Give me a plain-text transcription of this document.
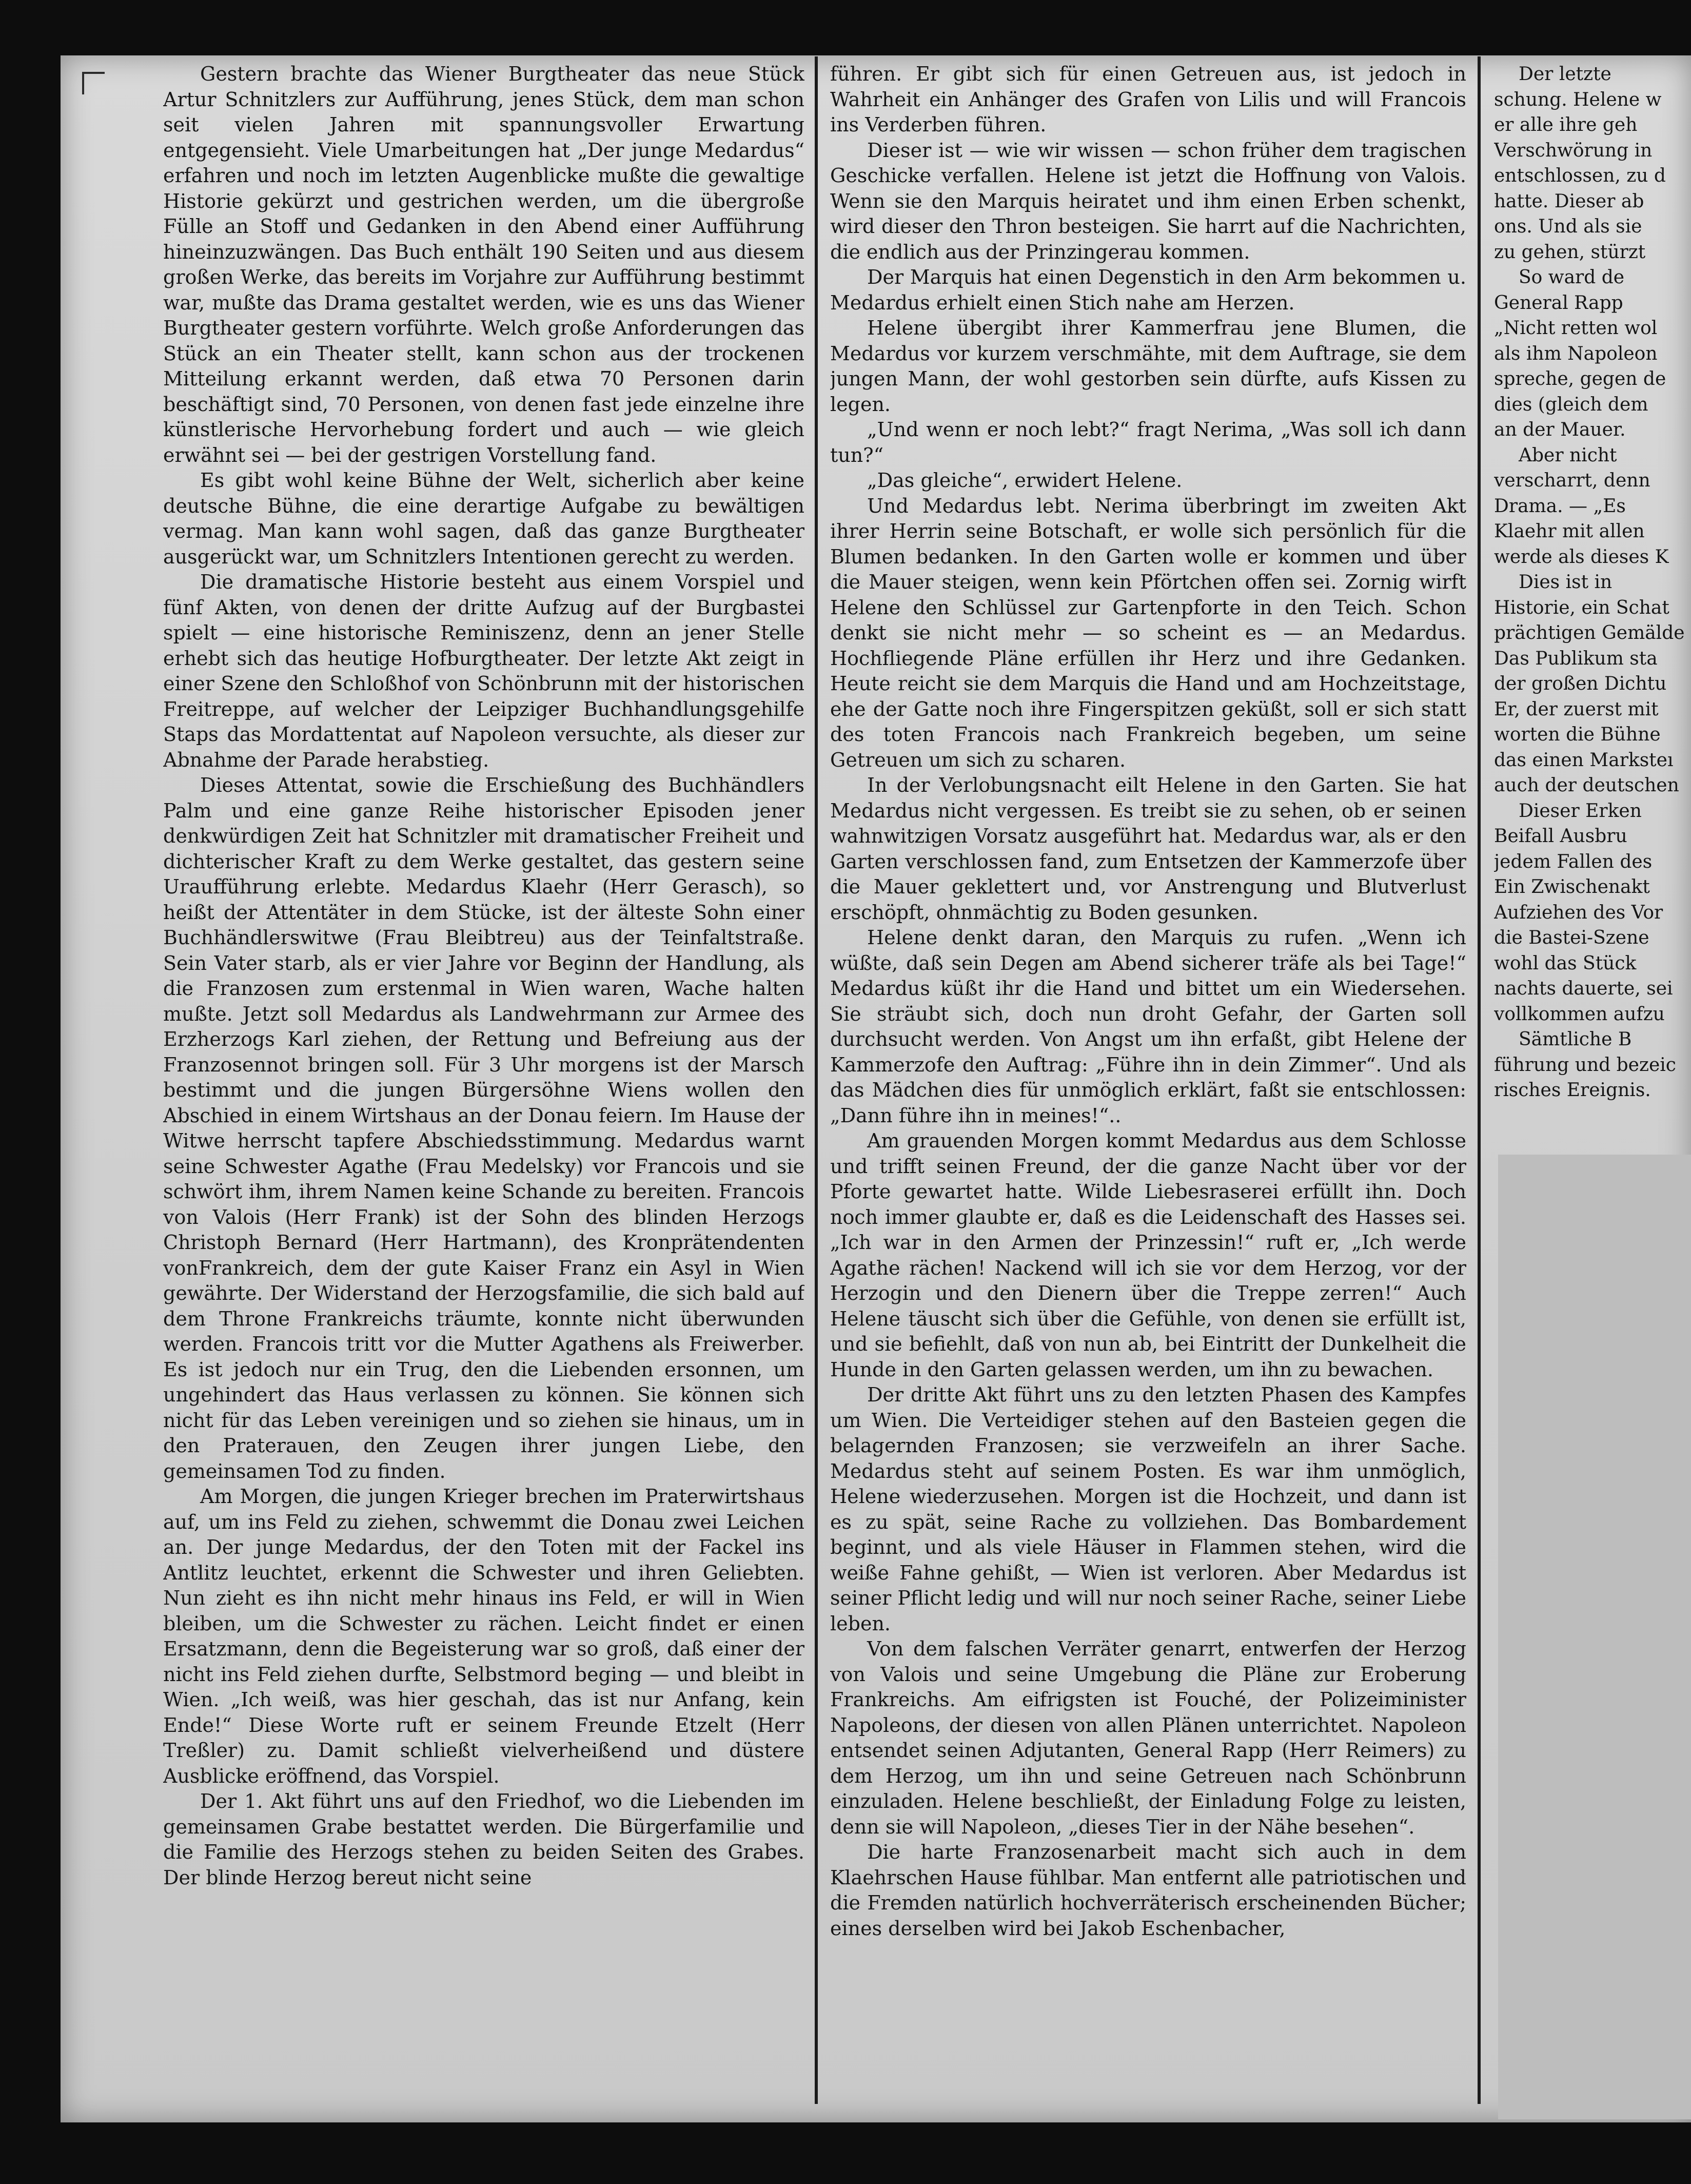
Gestern brachte das Wiener Burgtheater das neue Stück Artur Schnitzlers zur Aufführung, jenes Stück, dem man schon seit vielen Jahren mit spannungsvoller Erwartung entgegensieht. Viele Umarbeitungen hat „Der junge Medardus“ erfahren und noch im letzten Augenblicke mußte die gewaltige Historie gekürzt und gestrichen werden, um die übergroße Fülle an Stoff und Gedanken in den Abend einer Aufführung hineinzuzwängen. Das Buch enthält 190 Seiten und aus diesem großen Werke, das bereits im Vorjahre zur Aufführung bestimmt war, mußte das Drama gestaltet werden, wie es uns das Wiener Burgtheater gestern vorführte. Welch große Anforderungen das Stück an ein Theater stellt, kann schon aus der trockenen Mitteilung erkannt werden, daß etwa 70 Personen darin beschäftigt sind, 70 Personen, von denen fast jede einzelne ihre künstlerische Hervorhebung fordert und auch — wie gleich erwähnt sei — bei der gestrigen Vorstellung fand.

Es gibt wohl keine Bühne der Welt, sicherlich aber keine deutsche Bühne, die eine derartige Aufgabe zu bewältigen vermag. Man kann wohl sagen, daß das ganze Burgtheater ausgerückt war, um Schnitzlers Intentionen gerecht zu werden.

Die dramatische Historie besteht aus einem Vorspiel und fünf Akten, von denen der dritte Aufzug auf der Burgbastei spielt — eine historische Reminiszenz, denn an jener Stelle erhebt sich das heutige Hofburgtheater. Der letzte Akt zeigt in einer Szene den Schloßhof von Schönbrunn mit der historischen Freitreppe, auf welcher der Leipziger Buchhandlungsgehilfe Staps das Mordattentat auf Napoleon versuchte, als dieser zur Abnahme der Parade herabstieg.

Dieses Attentat, sowie die Erschießung des Buchhändlers Palm und eine ganze Reihe historischer Episoden jener denkwürdigen Zeit hat Schnitzler mit dramatischer Freiheit und dichterischer Kraft zu dem Werke gestaltet, das gestern seine Uraufführung erlebte. Medardus Klaehr (Herr Gerasch), so heißt der Attentäter in dem Stücke, ist der älteste Sohn einer Buchhändlerswitwe (Frau Bleibtreu) aus der Teinfaltstraße. Sein Vater starb, als er vier Jahre vor Beginn der Handlung, als die Franzosen zum erstenmal in Wien waren, Wache halten mußte. Jetzt soll Medardus als Landwehrmann zur Armee des Erzherzogs Karl ziehen, der Rettung und Befreiung aus der Franzosennot bringen soll. Für 3 Uhr morgens ist der Marsch bestimmt und die jungen Bürgersöhne Wiens wollen den Abschied in einem Wirtshaus an der Donau feiern. Im Hause der Witwe herrscht tapfere Abschiedsstimmung. Medardus warnt seine Schwester Agathe (Frau Medelsky) vor Francois und sie schwört ihm, ihrem Namen keine Schande zu bereiten. Francois von Valois (Herr Frank) ist der Sohn des blinden Herzogs Christoph Bernard (Herr Hartmann), des Kronprätendenten vonFrankreich, dem der gute Kaiser Franz ein Asyl in Wien gewährte. Der Widerstand der Herzogsfamilie, die sich bald auf dem Throne Frankreichs träumte, konnte nicht überwunden werden. Francois tritt vor die Mutter Agathens als Freiwerber. Es ist jedoch nur ein Trug, den die Liebenden ersonnen, um ungehindert das Haus verlassen zu können. Sie können sich nicht für das Leben vereinigen und so ziehen sie hinaus, um in den Praterauen, den Zeugen ihrer jungen Liebe, den gemeinsamen Tod zu finden.

Am Morgen, die jungen Krieger brechen im Praterwirtshaus auf, um ins Feld zu ziehen, schwemmt die Donau zwei Leichen an. Der junge Medardus, der den Toten mit der Fackel ins Antlitz leuchtet, erkennt die Schwester und ihren Geliebten. Nun zieht es ihn nicht mehr hinaus ins Feld, er will in Wien bleiben, um die Schwester zu rächen. Leicht findet er einen Ersatzmann, denn die Begeisterung war so groß, daß einer der nicht ins Feld ziehen durfte, Selbstmord beging — und bleibt in Wien. „Ich weiß, was hier geschah, das ist nur Anfang, kein Ende!“ Diese Worte ruft er seinem Freunde Etzelt (Herr Treßler) zu. Damit schließt vielverheißend und düstere Ausblicke eröffnend, das Vorspiel.

Der 1. Akt führt uns auf den Friedhof, wo die Liebenden im gemeinsamen Grabe bestattet werden. Die Bürgerfamilie und die Familie des Herzogs stehen zu beiden Seiten des Grabes. Der blinde Herzog bereut nicht seine

führen. Er gibt sich für einen Getreuen aus, ist jedoch in Wahrheit ein Anhänger des Grafen von Lilis und will Francois ins Verderben führen.

Dieser ist — wie wir wissen — schon früher dem tragischen Geschicke verfallen. Helene ist jetzt die Hoffnung von Valois. Wenn sie den Marquis heiratet und ihm einen Erben schenkt, wird dieser den Thron besteigen. Sie harrt auf die Nachrichten, die endlich aus der Prinzingerau kommen.

Der Marquis hat einen Degenstich in den Arm bekommen u. Medardus erhielt einen Stich nahe am Herzen.

Helene übergibt ihrer Kammerfrau jene Blumen, die Medardus vor kurzem verschmähte, mit dem Auftrage, sie dem jungen Mann, der wohl gestorben sein dürfte, aufs Kissen zu legen.

„Und wenn er noch lebt?“ fragt Nerima, „Was soll ich dann tun?“

„Das gleiche“, erwidert Helene.

Und Medardus lebt. Nerima überbringt im zweiten Akt ihrer Herrin seine Botschaft, er wolle sich persönlich für die Blumen bedanken. In den Garten wolle er kommen und über die Mauer steigen, wenn kein Pförtchen offen sei. Zornig wirft Helene den Schlüssel zur Gartenpforte in den Teich. Schon denkt sie nicht mehr — so scheint es — an Medardus. Hochfliegende Pläne erfüllen ihr Herz und ihre Gedanken. Heute reicht sie dem Marquis die Hand und am Hochzeitstage, ehe der Gatte noch ihre Fingerspitzen geküßt, soll er sich statt des toten Francois nach Frankreich begeben, um seine Getreuen um sich zu scharen.

In der Verlobungsnacht eilt Helene in den Garten. Sie hat Medardus nicht vergessen. Es treibt sie zu sehen, ob er seinen wahnwitzigen Vorsatz ausgeführt hat. Medardus war, als er den Garten verschlossen fand, zum Entsetzen der Kammerzofe über die Mauer geklettert und, vor Anstrengung und Blutverlust erschöpft, ohnmächtig zu Boden gesunken.

Helene denkt daran, den Marquis zu rufen. „Wenn ich wüßte, daß sein Degen am Abend sicherer träfe als bei Tage!“ Medardus küßt ihr die Hand und bittet um ein Wiedersehen. Sie sträubt sich, doch nun droht Gefahr, der Garten soll durchsucht werden. Von Angst um ihn erfaßt, gibt Helene der Kammerzofe den Auftrag: „Führe ihn in dein Zimmer“. Und als das Mädchen dies für unmöglich erklärt, faßt sie entschlossen: „Dann führe ihn in meines!“..

Am grauenden Morgen kommt Medardus aus dem Schlosse und trifft seinen Freund, der die ganze Nacht über vor der Pforte gewartet hatte. Wilde Liebesraserei erfüllt ihn. Doch noch immer glaubte er, daß es die Leidenschaft des Hasses sei. „Ich war in den Armen der Prinzessin!“ ruft er, „Ich werde Agathe rächen! Nackend will ich sie vor dem Herzog, vor der Herzogin und den Dienern über die Treppe zerren!“ Auch Helene täuscht sich über die Gefühle, von denen sie erfüllt ist, und sie befiehlt, daß von nun ab, bei Eintritt der Dunkelheit die Hunde in den Garten gelassen werden, um ihn zu bewachen.

Der dritte Akt führt uns zu den letzten Phasen des Kampfes um Wien. Die Verteidiger stehen auf den Basteien gegen die belagernden Franzosen; sie verzweifeln an ihrer Sache. Medardus steht auf seinem Posten. Es war ihm unmöglich, Helene wiederzusehen. Morgen ist die Hochzeit, und dann ist es zu spät, seine Rache zu vollziehen. Das Bombardement beginnt, und als viele Häuser in Flammen stehen, wird die weiße Fahne gehißt, — Wien ist verloren. Aber Medardus ist seiner Pflicht ledig und will nur noch seiner Rache, seiner Liebe leben.

Von dem falschen Verräter genarrt, entwerfen der Herzog von Valois und seine Umgebung die Pläne zur Eroberung Frankreichs. Am eifrigsten ist Fouché, der Polizeiminister Napoleons, der diesen von allen Plänen unterrichtet. Napoleon entsendet seinen Adjutanten, General Rapp (Herr Reimers) zu dem Herzog, um ihn und seine Getreuen nach Schönbrunn einzuladen. Helene beschließt, der Einladung Folge zu leisten, denn sie will Napoleon, „dieses Tier in der Nähe besehen“.

Die harte Franzosenarbeit macht sich auch in dem Klaehrschen Hause fühlbar. Man entfernt alle patriotischen und die Fremden natürlich hochverräterisch erscheinenden Bücher; eines derselben wird bei Jakob Eschenbacher,

Der letzte
schung. Helene w
er alle ihre geh
Verschwörung in
entschlossen, zu d
hatte. Dieser ab
ons. Und als sie
zu gehen, stürzt
So ward de
General Rapp
„Nicht retten wol
als ihm Napoleon
spreche, gegen de
dies (gleich dem
an der Mauer.
Aber nicht
verscharrt, denn
Drama. — „Es
Klaehr mit allen
werde als dieses K
Dies ist in
Historie, ein Schat
prächtigen Gemälde
Das Publikum sta
der großen Dichtu
Er, der zuerst mit
worten die Bühne
das einen Marksteı
auch der deutschen
Dieser Erken
Beifall Ausbru
jedem Fallen des
Ein Zwischenakt
Aufziehen des Vor
die Bastei-Szene
wohl das Stück
nachts dauerte, sei
vollkommen aufzu
Sämtliche B
führung und bezeic
risches Ereignis.
